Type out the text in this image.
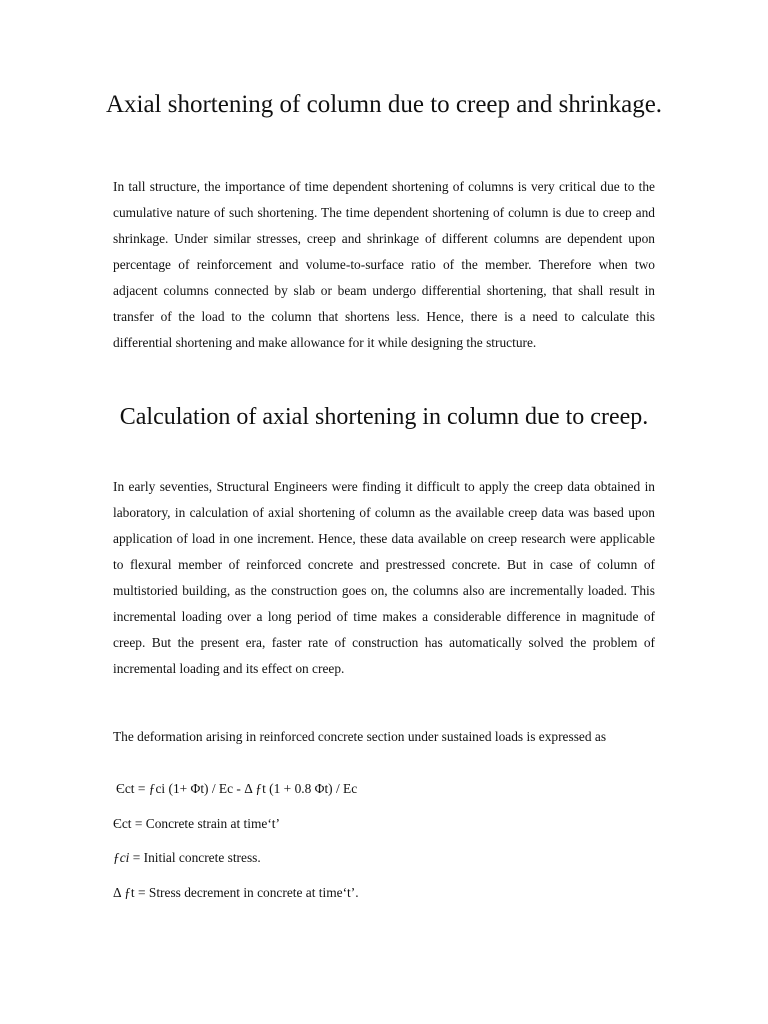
Axial shortening of column due to creep and shrinkage.

In tall structure, the importance of time dependent shortening of columns is very critical due to the cumulative nature of such shortening. The time dependent shortening of column is due to creep and shrinkage. Under similar stresses, creep and shrinkage of different columns are dependent upon percentage of reinforcement and volume-to-surface ratio of the member. Therefore when two adjacent columns connected by slab or beam undergo differential shortening, that shall result in transfer of the load to the column that shortens less. Hence, there is a need to calculate this differential shortening and make allowance for it while designing the structure.

Calculation of axial shortening in column due to creep.

In early seventies, Structural Engineers were finding it difficult to apply the creep data obtained in laboratory, in calculation of axial shortening of column as the available creep data was based upon application of load in one increment. Hence, these data available on creep research were applicable to flexural member of reinforced concrete and prestressed concrete. But in case of column of multistoried building, as the construction goes on, the columns also are incrementally loaded. This incremental loading over a long period of time makes a considerable difference in magnitude of creep. But the present era, faster rate of construction has automatically solved the problem of incremental loading and its effect on creep.

The deformation arising in reinforced concrete section under sustained loads is expressed as

Єct = ƒci (1+ Φt) / Ec - Δ ƒt (1 + 0.8 Φt) / Ec

Єct = Concrete strain at time‘t’

ƒci = Initial concrete stress.

Δ ƒt = Stress decrement in concrete at time‘t’.
